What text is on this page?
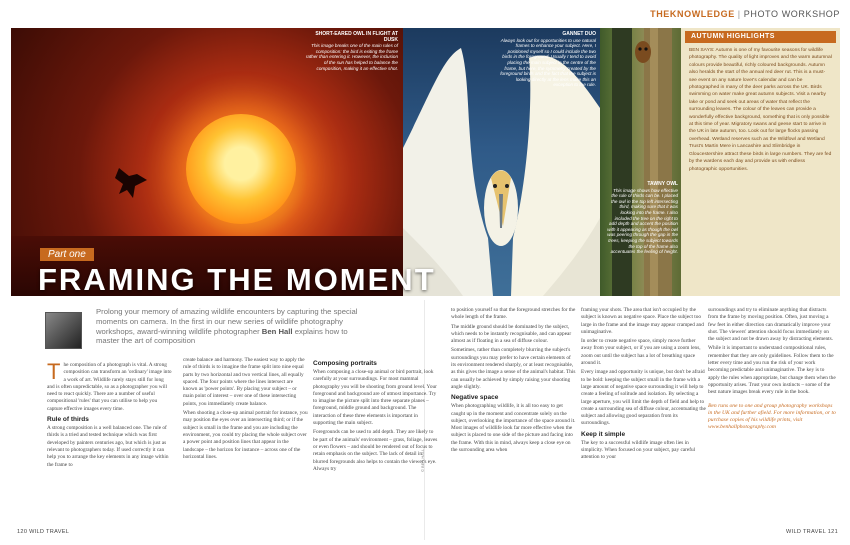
THEKNOWLEDGE | PHOTO WORKSHOP
SHORT-EARED OWL IN FLIGHT AT DUSK
This image breaks one of the main rules of composition: the bird is exiting the frame rather than entering it. However, the inclusion of the sun has helped to balance the composition, making it an effective shot.
GANNET DUO
Always look out for opportunities to use natural frames to enhance your subject. Here, I positioned myself so I could include the two birds in the foreground. Usually I tend to avoid placing the main subject in the centre of the frame, but here, the symmetry created by the foreground birds and the fact that the subject is looking directly at the lens make this an exception to the rule.
TAWNY OWL
This image shows how effective the rule of thirds can be. I placed the owl in the top left intersecting third, making sure that it was looking into the frame. I also included the tree on the right to add depth and accent the position with it appearing as though the owl was peering through the gap in the trees, keeping the subject towards the top of the frame also accentuates the feeling of height.
AUTUMN HIGHLIGHTS
BEN SAYS: Autumn is one of my favourite seasons for wildlife photography. The quality of light improves and the warm autumnal colours provide beautiful, richly coloured backgrounds. Autumn also heralds the start of the annual red deer rut. This is a must-see event on any nature lover's calendar and can be photographed in many of the deer parks across the UK. Birds swimming on water make great autumn subjects. Visit a nearby lake or pond and seek out areas of water that reflect the surrounding leaves. The colour of the leaves can provide a wonderfully effective background, something that is only possible at this time of year. Migratory swans and geese start to arrive in the UK in late autumn, too. Look out for large flocks passing overhead. Wetland reserves such as the Wildfowl and Wetland Trust's Martin Mere in Lancashire and Slimbridge in Gloucestershire attract these birds in large numbers. They are fed by the wardens each day and provide us with endless photographic opportunities.
Part one
FRAMING THE MOMENT
Prolong your memory of amazing wildlife encounters by capturing the special moments on camera. In the first in our new series of wildlife photography workshops, award-winning wildlife photographer Ben Hall explains how to master the art of composition

The composition of a photograph is vital. A strong composition can transform an 'ordinary' image into a work of art. Wildlife rarely stays still for long and is often unpredictable, so as a photographer you will need to react quickly. There are a number of useful compositional 'rules' that you can utilise to help you capture effective images every time.

Rule of thirds

A strong composition is a well balanced one. The rule of thirds is a tried and tested technique which was first developed by painters centuries ago, but which is just as relevant to photographers today. If used correctly it can help you to arrange the key elements in any image within the frame to

create balance and harmony. The easiest way to apply the rule of thirds is to imagine the frame split into nine equal parts by two horizontal and two vertical lines, all equally spaced. The four points where the lines intersect are known as 'power points'. By placing your subject – or main point of interest – over one of these intersecting points, you immediately create balance.

When shooting a close-up animal portrait for instance, you may position the eyes over an intersecting third; or if the subject is small in the frame and you are including the environment, you could try placing the whole subject over a power point and position lines that appear in the landscape – the horizon for instance – across one of the horizontal lines.

Composing portraits

When composing a close-up animal or bird portrait, look carefully at your surroundings. For most mammal photography you will be shooting from ground level. Your foreground and background are of utmost importance. Try to imagine the picture split into three separate planes – foreground, middle ground and background. The interaction of these three elements is important in supporting the main subject.

Foregrounds can be used to add depth. They are likely to be part of the animals' environment – grass, foliage, leaves or even flowers – and should be rendered out of focus to retain emphasis on the subject. The lack of detail in blurred foregrounds also helps to contain the viewer's eye. Always try	© BEN HALL

to position yourself so that the foreground stretches for the whole length of the frame.

The middle ground should be dominated by the subject, which needs to be instantly recognisable, and can appear almost as if floating in a sea of diffuse colour.

Sometimes, rather than completely blurring the subject's surroundings you may prefer to have certain elements of its environment rendered sharply, or at least recognisable, as this gives the image a sense of the animal's habitat. This can usually be achieved by simply raising your shooting angle slightly.

Negative space

When photographing wildlife, it is all too easy to get caught up in the moment and concentrate solely on the subject, overlooking the importance of the space around it. Most images of wildlife look far more effective when the subject is placed to one side of the picture and facing into the frame. With this in mind, always keep a close eye on the surrounding area when

framing your shots. The area that isn't occupied by the subject is known as negative space. Place the subject too large in the frame and the image may appear cramped and unimaginative.

In order to create negative space, simply move further away from your subject, or if you are using a zoom lens, zoom out until the subject has a lot of breathing space around it.

Every image and opportunity is unique, but don't be afraid to be bold: keeping the subject small in the frame with a large amount of negative space surrounding it will help to create a feeling of solitude and isolation. By selecting a large aperture, you will limit the depth of field and help to create a surrounding sea of diffuse colour, accentuating the subject and allowing good separation from its surroundings.

Keep it simple

The key to a successful wildlife image often lies in simplicity. When focused on your subject, pay careful attention to your

surroundings and try to eliminate anything that distracts from the frame by moving position. Often, just moving a few feet in either direction can dramatically improve your shot. The viewers' attention should focus immediately on the subject and not be drawn away by distracting elements.

While it is important to understand compositional rules, remember that they are only guidelines. Follow them to the letter every time and you run the risk of your work becoming predictable and unimaginative. The key is to apply the rules when appropriate, but change them when the opportunity arises. Trust your own instincts – some of the best nature images break every rule in the book.

Ben runs one to one and group photography workshops in the UK and further afield. For more information, or to purchase copies of his wildlife prints, visit www.benhallphotography.com

120 WILD TRAVEL	WILD TRAVEL 121
